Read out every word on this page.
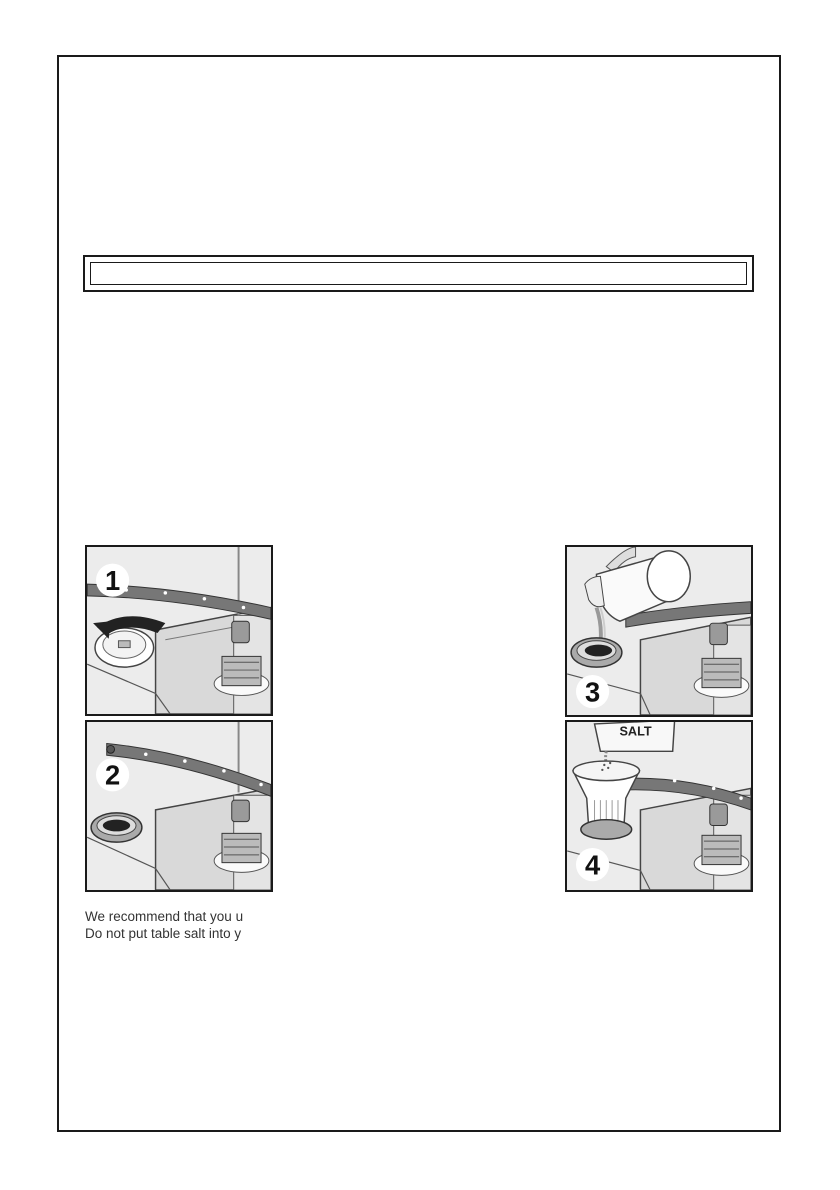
1
2
3
SALT
4
We recommend that you u
Do not put table salt into y
